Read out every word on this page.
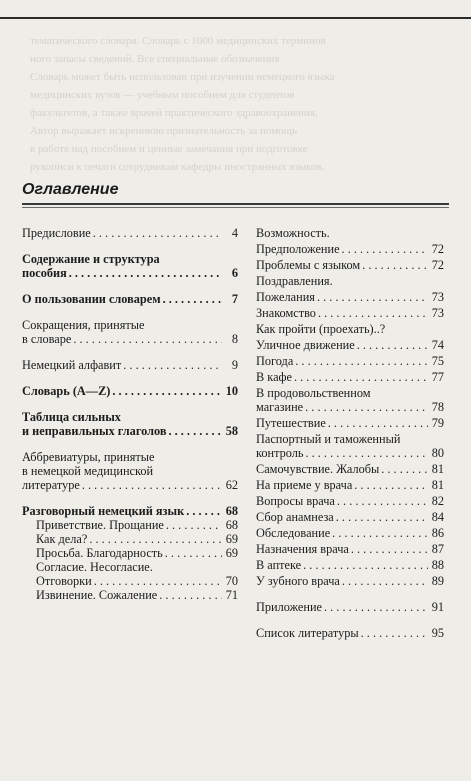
тематического словаря. Словарь с 1000 медицинских терминов
ного запасы сведений. Все специальные обозначения
Словарь может быть использован при изучении немецкого языка
медицинских вузов — учебным пособием для студентов
факультетов, а также врачей практического здравоохранения.
Автор выражает искреннюю признательность за помощь
в работе над пособием и ценные замечания при подготовке
рукописи к печати сотрудникам кафедры иностранных языков.
Оглавление
Предисловие . . .	4
Содержание и структура
пособия . . .	6
О пользовании словарем . . .	7
Сокращения, принятые
в словаре . . .	8
Немецкий алфавит . . .	9
Словарь (A—Z) . . .	10
Таблица сильных
и неправильных глаголов . . .	58
Аббревиатуры, принятые
в немецкой медицинской
литературе . . .	62
Разговорный немецкий язык . . .	68
Приветствие. Прощание . . .	68
Как дела? . . .	69
Просьба. Благодарность . . .	69
Согласие. Несогласие.
Отговорки . . .	70
Извинение. Сожаление . . .	71
Возможность.
Предположение . . .	72
Проблемы с языком . . .	72
Поздравления.
Пожелания . . .	73
Знакомство . . .	73
Как пройти (проехать)..?
Уличное движение . . .	74
Погода . . .	75
В кафе . . .	77
В продовольственном
магазине . . .	78
Путешествие . . .	79
Паспортный и таможенный
контроль . . .	80
Самочувствие. Жалобы . . .	81
На приеме у врача . . .	81
Вопросы врача . . .	82
Сбор анамнеза . . .	84
Обследование . . .	86
Назначения врача . . .	87
В аптеке . . .	88
У зубного врача . . .	89
Приложение . . .	91
Список литературы . . .	95
